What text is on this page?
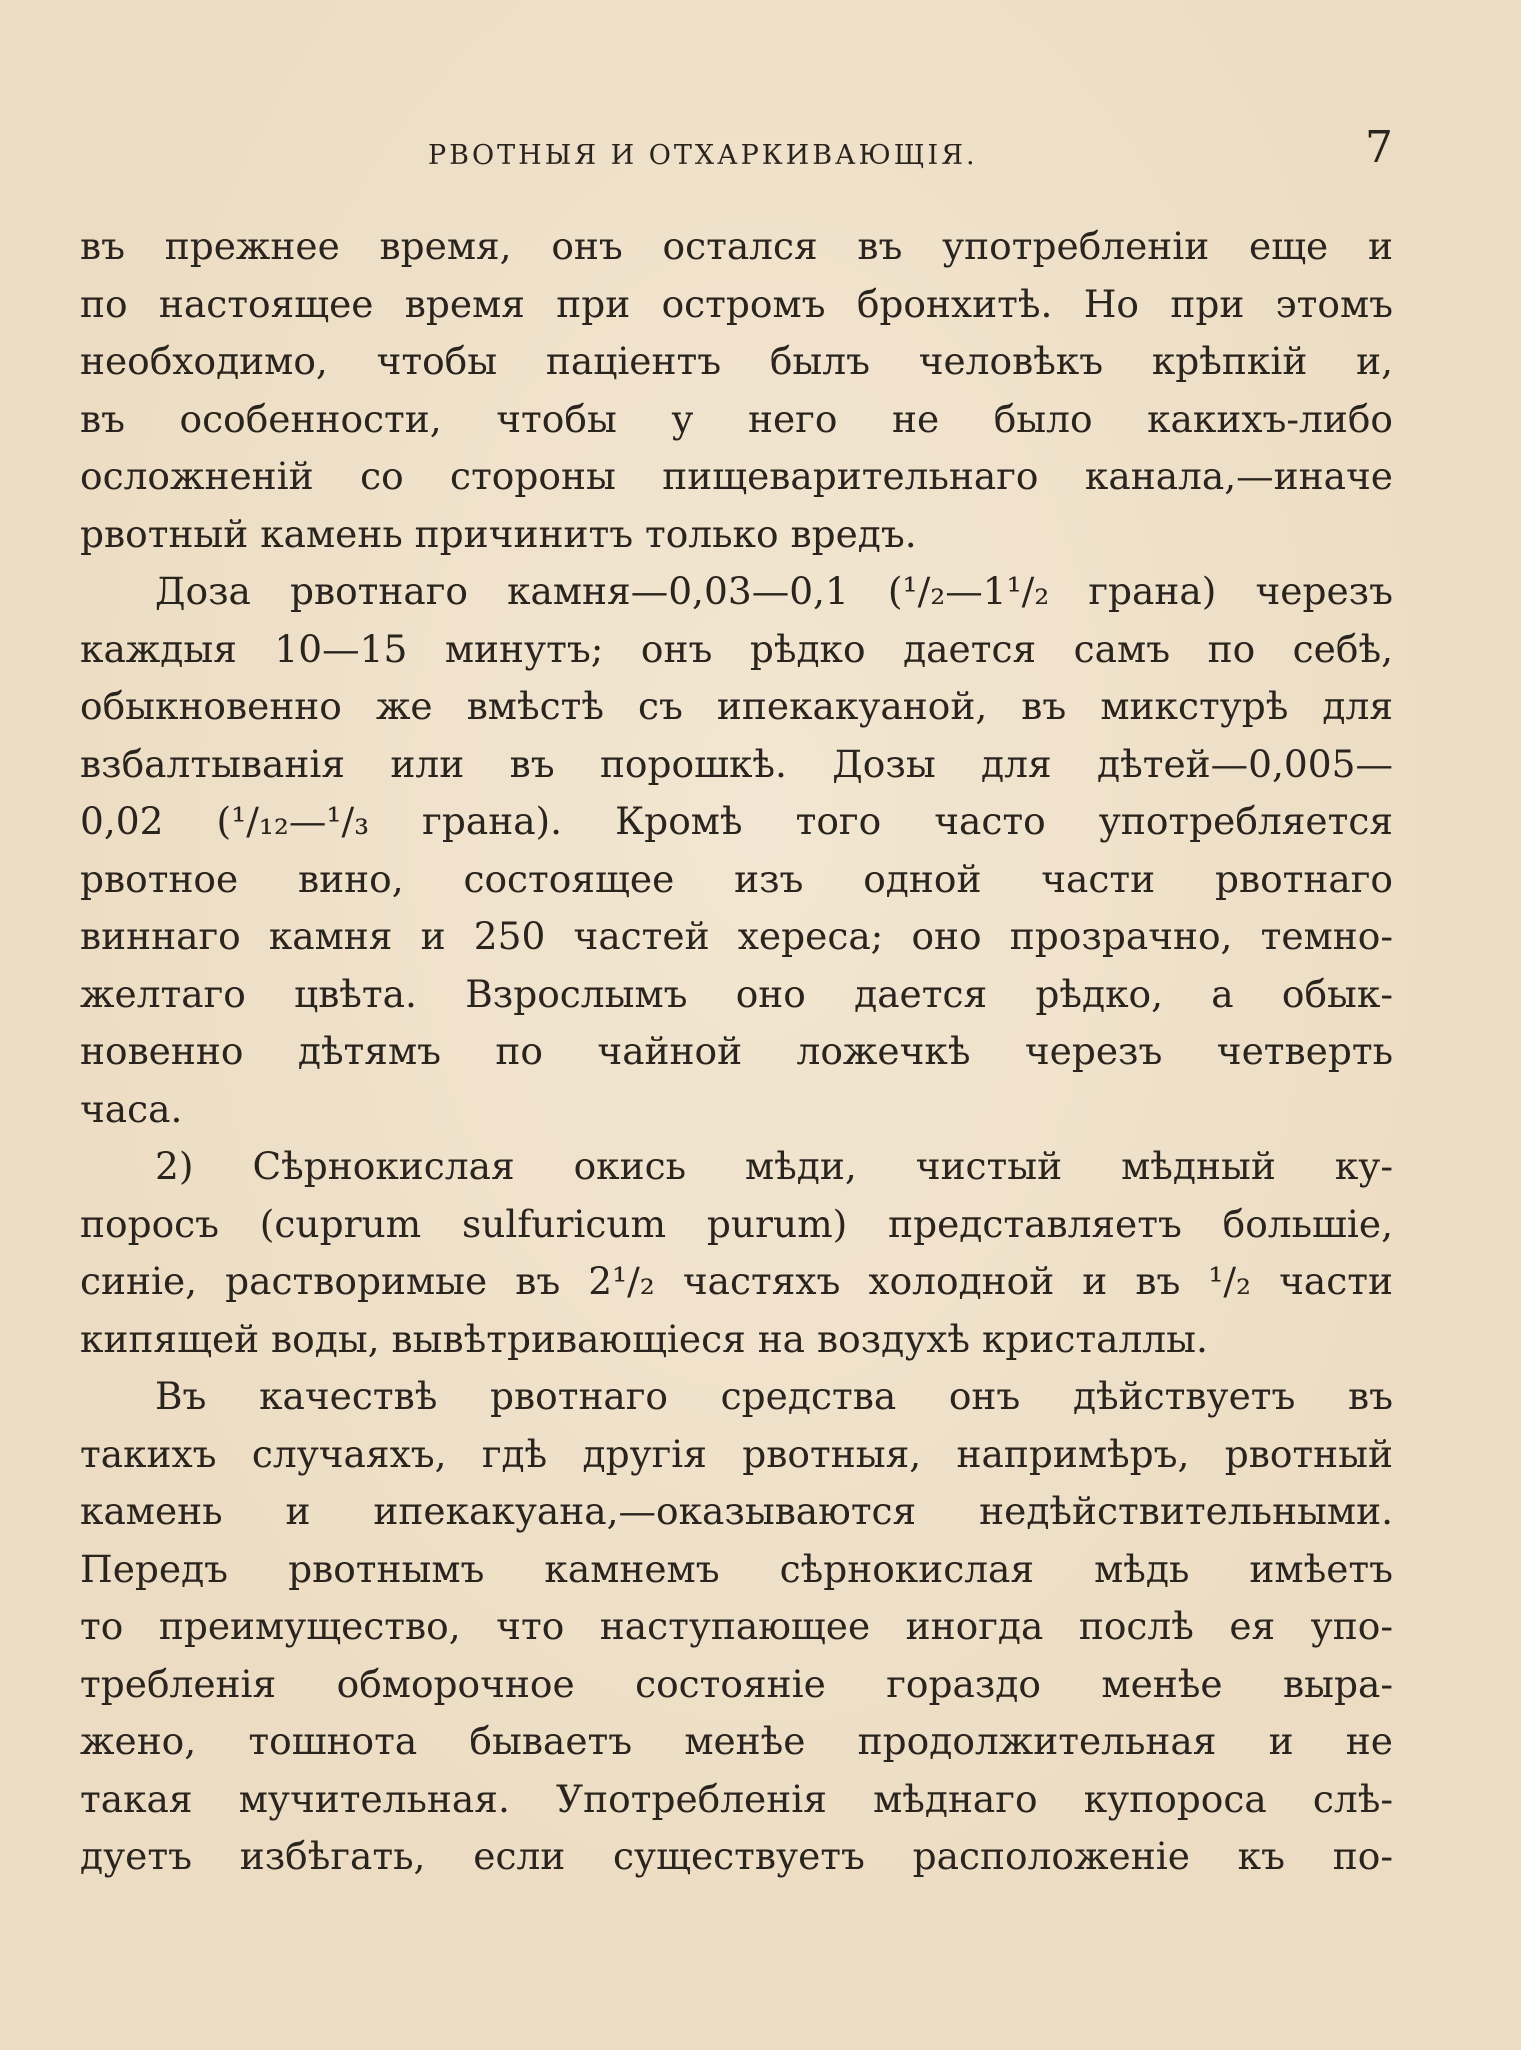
РВОТНЫЯ И ОТХАРКИВАЮЩІЯ.	7
въ прежнее время, онъ остался въ употребленіи еще и
по настоящее время при остромъ бронхитѣ. Но при этомъ
необходимо, чтобы паціентъ былъ человѣкъ крѣпкій и,
въ особенности, чтобы у него не было какихъ-либо
осложненій со стороны пищеварительнаго канала,—иначе
рвотный камень причинитъ только вредъ.
Доза рвотнаго камня—0,03—0,1 (¹/₂—1¹/₂ грана) черезъ
каждыя 10—15 минутъ; онъ рѣдко дается самъ по себѣ,
обыкновенно же вмѣстѣ съ ипекакуаной, въ микстурѣ для
взбалтыванія или въ порошкѣ. Дозы для дѣтей—0,005—
0,02 (¹/₁₂—¹/₃ грана). Кромѣ того часто употребляется
рвотное вино, состоящее изъ одной части рвотнаго
виннаго камня и 250 частей хереса; оно прозрачно, темно-
желтаго цвѣта. Взрослымъ оно дается рѣдко, а обык-
новенно дѣтямъ по чайной ложечкѣ черезъ четверть
часа.
2) Сѣрнокислая окись мѣди, чистый мѣдный ку-
поросъ (cuprum sulfuricum purum) представляетъ большіе,
синіе, растворимые въ 2¹/₂ частяхъ холодной и въ ¹/₂ части
кипящей воды, вывѣтривающіеся на воздухѣ кристаллы.
Въ качествѣ рвотнаго средства онъ дѣйствуетъ въ
такихъ случаяхъ, гдѣ другія рвотныя, напримѣръ, рвотный
камень и ипекакуана,—оказываются недѣйствительными.
Передъ рвотнымъ камнемъ сѣрнокислая мѣдь имѣетъ
то преимущество, что наступающее иногда послѣ ея упо-
требленія обморочное состояніе гораздо менѣе выра-
жено, тошнота бываетъ менѣе продолжительная и не
такая мучительная. Употребленія мѣднаго купороса слѣ-
дуетъ избѣгать, если существуетъ расположеніе къ по-
